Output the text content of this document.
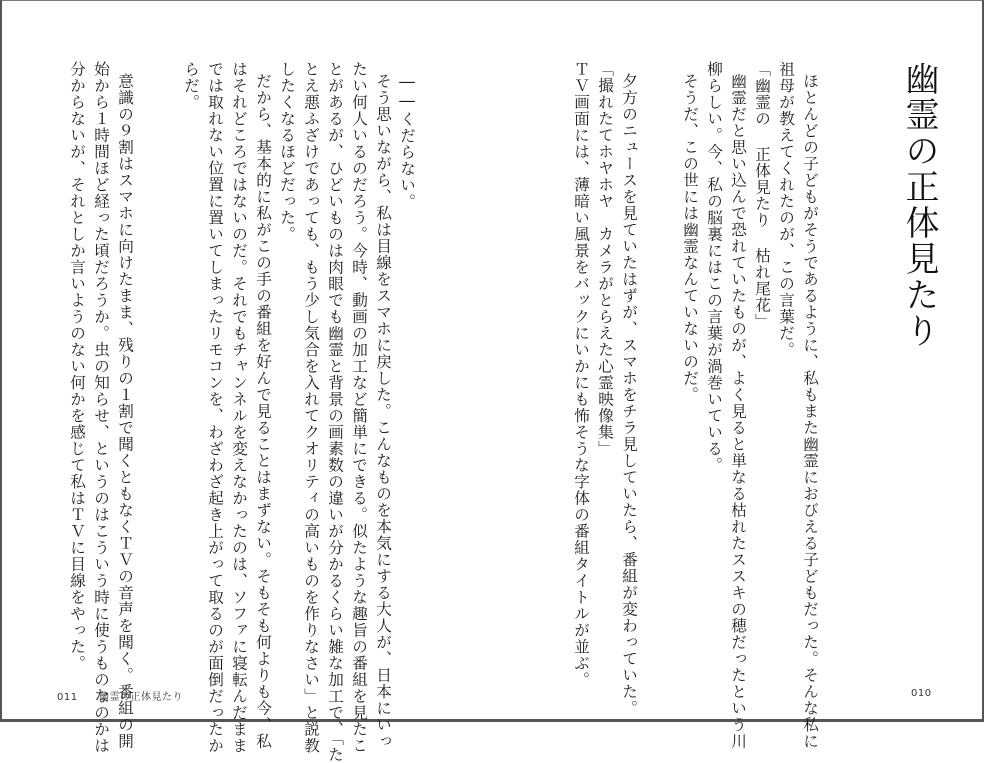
幽霊の正体見たり
ほとんどの子どもがそうであるように、私もまた幽霊におびえる子どもだった。そんな私に
祖母が教えてくれたのが、この言葉だ。
「幽霊の 正体見たり 枯れ尾花」
幽霊だと思い込んで恐れていたものが、よく見ると単なる枯れたススキの穂だったという川
柳らしい。今、私の脳裏にはこの言葉が渦巻いている。
そうだ、この世には幽霊なんていないのだ。
夕方のニュースを見ていたはずが、スマホをチラ見していたら、番組が変わっていた。
「撮れたてホヤホヤ　カメラがとらえた心霊映像集」
ＴＶ画面には、薄暗い風景をバックにいかにも怖そうな字体の番組タイトルが並ぶ。
――くだらない。
そう思いながら、私は目線をスマホに戻した。こんなものを本気にする大人が、日本にいっ
たい何人いるのだろう。今時、動画の加工など簡単にできる。似たような趣旨の番組を見たこ
とがあるが、ひどいものは肉眼でも幽霊と背景の画素数の違いが分かるくらい雑な加工で、「た
とえ悪ふざけであっても、もう少し気合を入れてクオリティの高いものを作りなさい」と説教
したくなるほどだった。
だから、基本的に私がこの手の番組を好んで見ることはまずない。そもそも何よりも今、私
はそれどころではないのだ。それでもチャンネルを変えなかったのは、ソファに寝転んだまま
では取れない位置に置いてしまったリモコンを、わざわざ起き上がって取るのが面倒だったか
らだ。
意識の９割はスマホに向けたまま、残りの１割で聞くともなくＴＶの音声を聞く。番組の開
始から１時間ほど経った頃だろうか。虫の知らせ、というのはこういう時に使うものなのかは
分からないが、それとしか言いようのない何かを感じて私はＴＶに目線をやった。
011 幽霊の正体見たり	010
